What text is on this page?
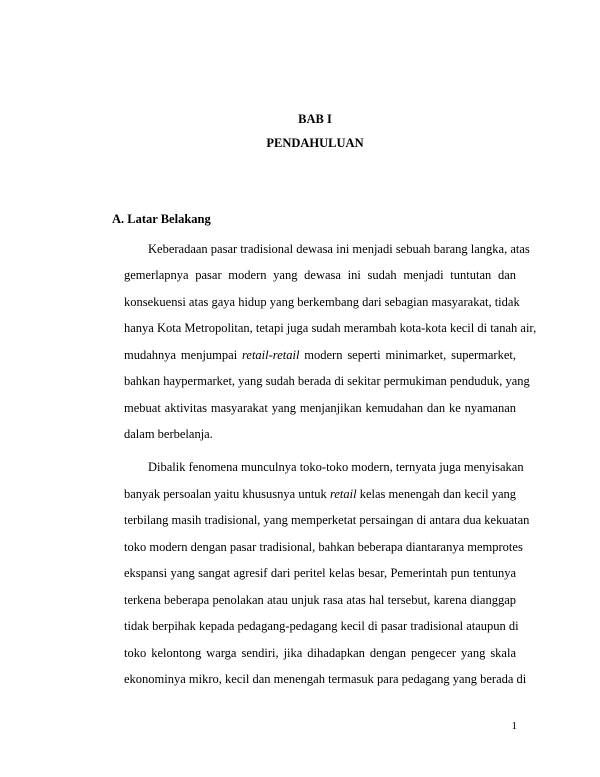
BAB I
PENDAHULUAN
A. Latar Belakang
Keberadaan pasar tradisional dewasa ini menjadi sebuah barang langka, atas
gemerlapnya pasar modern yang dewasa ini sudah menjadi tuntutan dan
konsekuensi atas gaya hidup yang berkembang dari sebagian masyarakat, tidak
hanya Kota Metropolitan, tetapi juga sudah merambah kota-kota kecil di tanah air,
mudahnya menjumpai retail-retail modern seperti minimarket, supermarket,
bahkan haypermarket, yang sudah berada di sekitar permukiman penduduk, yang
mebuat aktivitas masyarakat yang menjanjikan kemudahan dan ke nyamanan
dalam berbelanja.
Dibalik fenomena munculnya toko-toko modern, ternyata juga menyisakan
banyak persoalan yaitu khususnya untuk retail kelas menengah dan kecil yang
terbilang masih tradisional, yang memperketat persaingan di antara dua kekuatan
toko modern dengan pasar tradisional, bahkan beberapa diantaranya memprotes
ekspansi yang sangat agresif dari peritel kelas besar, Pemerintah pun tentunya
terkena beberapa penolakan atau unjuk rasa atas hal tersebut, karena dianggap
tidak berpihak kepada pedagang-pedagang kecil di pasar tradisional ataupun di
toko kelontong warga sendiri, jika dihadapkan dengan pengecer yang skala
ekonominya mikro, kecil dan menengah termasuk para pedagang yang berada di
1
